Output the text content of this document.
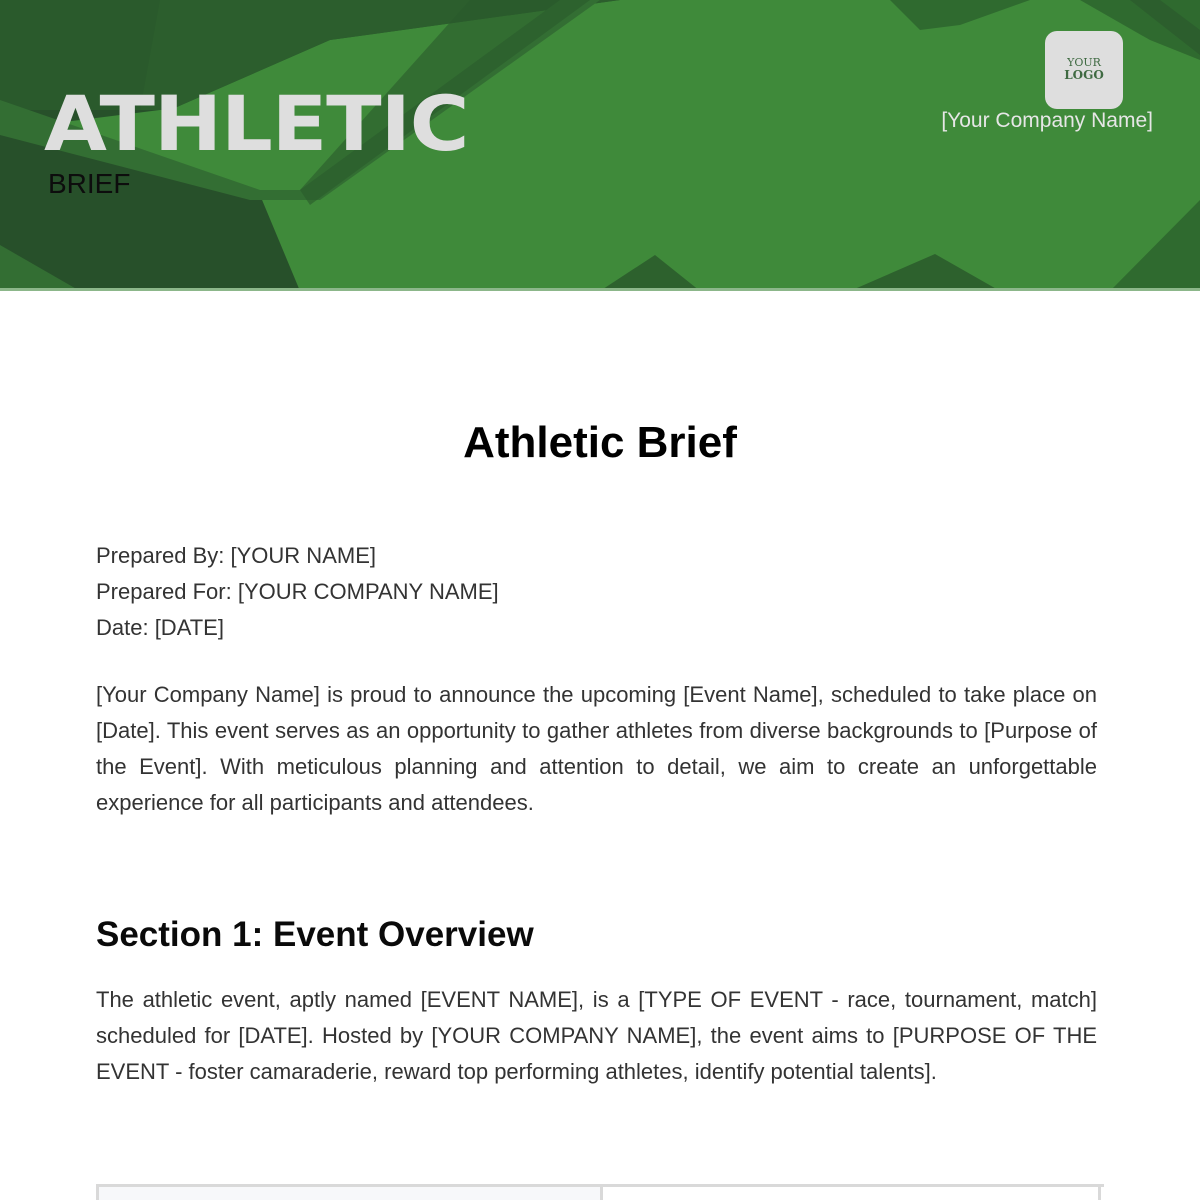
ATHLETIC
BRIEF
YOUR
LOGO
[Your Company Name]
Athletic Brief
Prepared By: [YOUR NAME]
Prepared For: [YOUR COMPANY NAME]
Date: [DATE]

[Your Company Name] is proud to announce the upcoming [Event Name], scheduled to take place on [Date]. This event serves as an opportunity to gather athletes from diverse backgrounds to [Purpose of the Event]. With meticulous planning and attention to detail, we aim to create an unforgettable experience for all participants and attendees.

Section 1: Event Overview

The athletic event, aptly named [EVENT NAME], is a [TYPE OF EVENT - race, tournament, match] scheduled for [DATE]. Hosted by [YOUR COMPANY NAME], the event aims to [PURPOSE OF THE EVENT - foster camaraderie, reward top performing athletes, identify potential talents].
